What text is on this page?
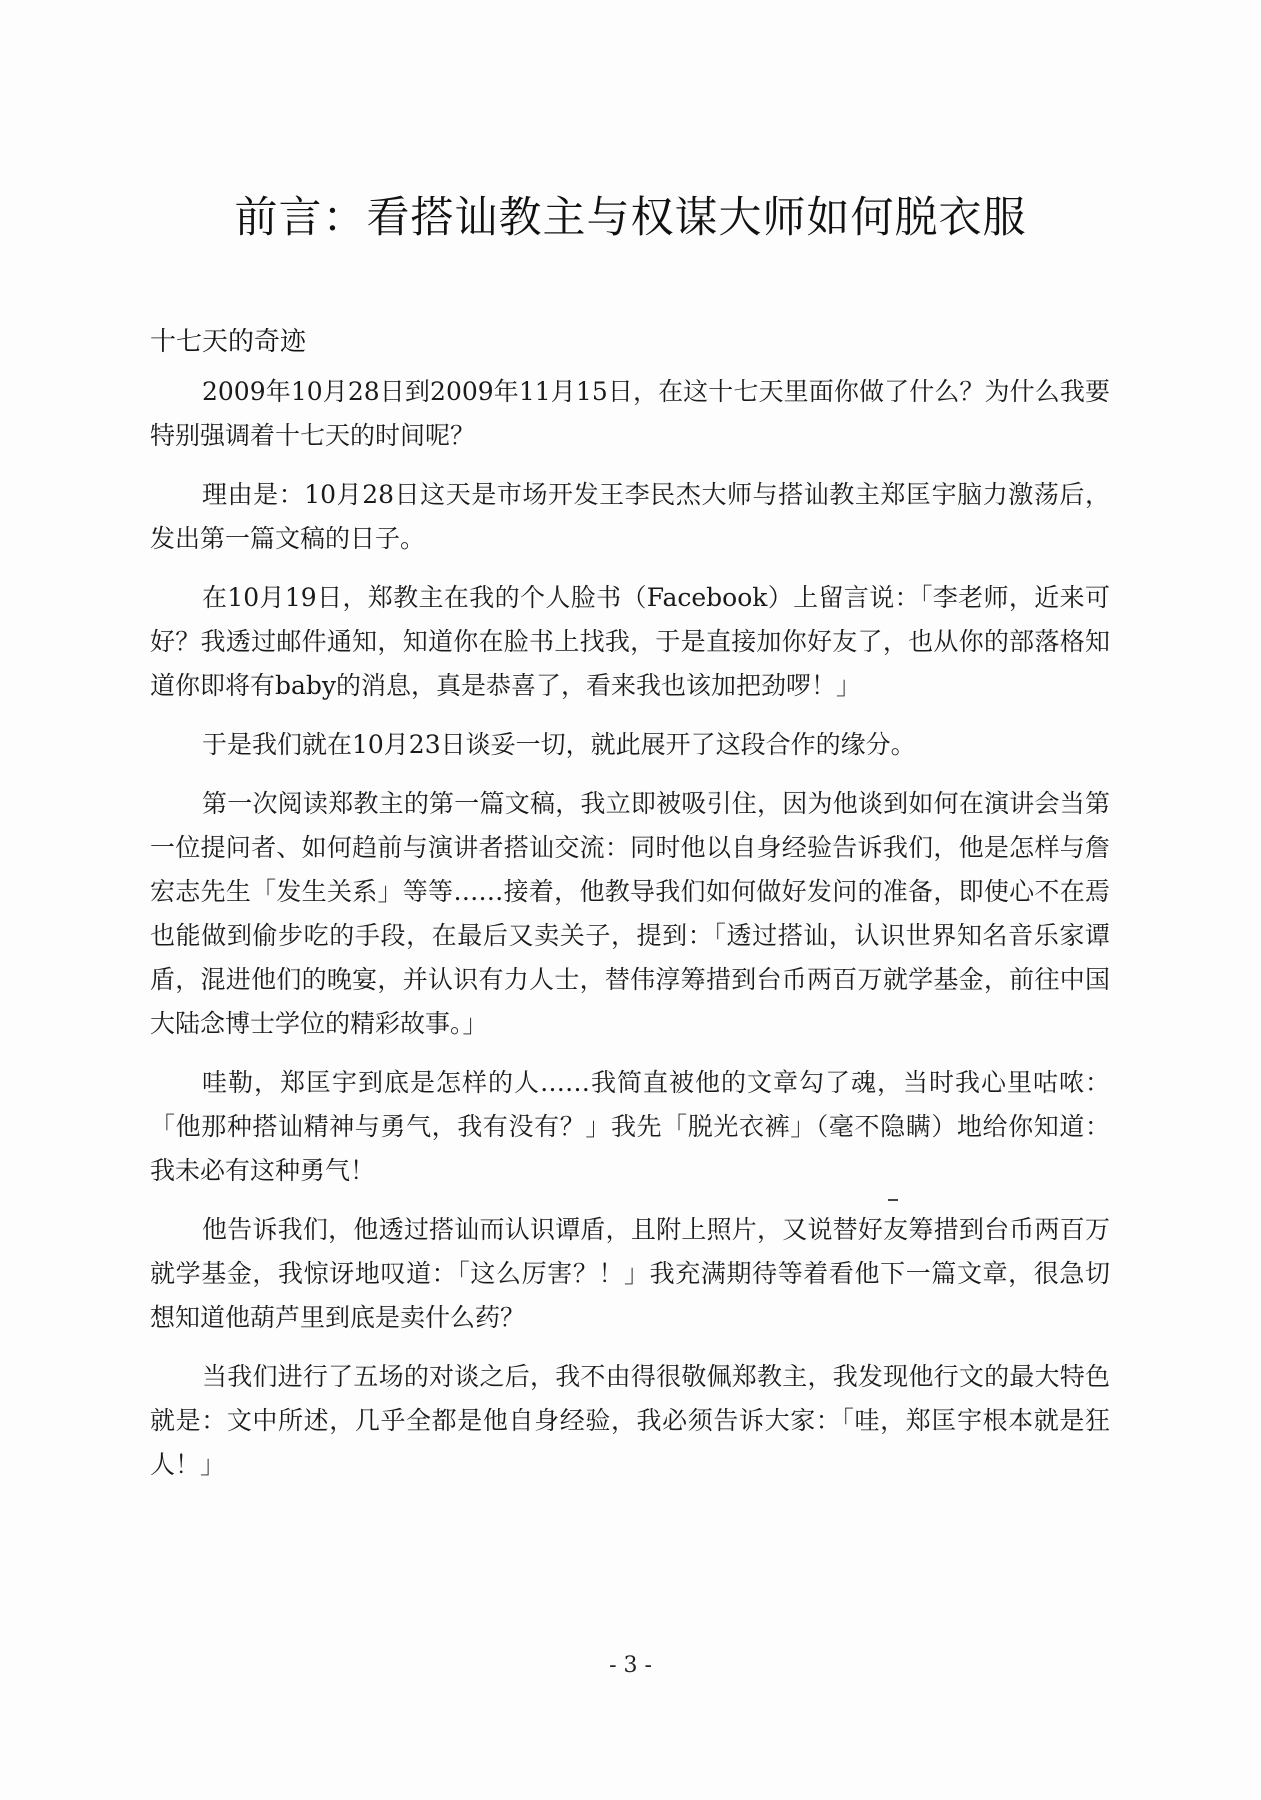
前言：看搭讪教主与权谋大师如何脱衣服
十七天的奇迹

2009年10月28日到2009年11月15日，在这十七天里面你做了什么？为什么我要特别强调着十七天的时间呢？

理由是：10月28日这天是市场开发王李民杰大师与搭讪教主郑匡宇脑力激荡后，发出第一篇文稿的日子。

在10月19日，郑教主在我的个人脸书（Facebook）上留言说：「李老师，近来可好？我透过邮件通知，知道你在脸书上找我，于是直接加你好友了，也从你的部落格知道你即将有baby的消息，真是恭喜了，看来我也该加把劲啰！」

于是我们就在10月23日谈妥一切，就此展开了这段合作的缘分。

第一次阅读郑教主的第一篇文稿，我立即被吸引住，因为他谈到如何在演讲会当第一位提问者、如何趋前与演讲者搭讪交流：同时他以自身经验告诉我们，他是怎样与詹宏志先生「发生关系」等等……接着，他教导我们如何做好发问的准备，即使心不在焉也能做到偷步吃的手段，在最后又卖关子，提到：「透过搭讪，认识世界知名音乐家谭盾，混进他们的晚宴，并认识有力人士，替伟淳筹措到台币两百万就学基金，前往中国大陆念博士学位的精彩故事。」

哇勒，郑匡宇到底是怎样的人……我简直被他的文章勾了魂，当时我心里咕哝：「他那种搭讪精神与勇气，我有没有？」我先「脱光衣裤」（毫不隐瞒）地给你知道：我未必有这种勇气！

他告诉我们，他透过搭讪而认识谭盾，且附上照片，又说替好友筹措到台币两百万就学基金，我惊讶地叹道：「这么厉害？！」我充满期待等着看他下一篇文章，很急切想知道他葫芦里到底是卖什么药？

当我们进行了五场的对谈之后，我不由得很敬佩郑教主，我发现他行文的最大特色就是：文中所述，几乎全都是他自身经验，我必须告诉大家：「哇，郑匡宇根本就是狂人！」

- 3 -
